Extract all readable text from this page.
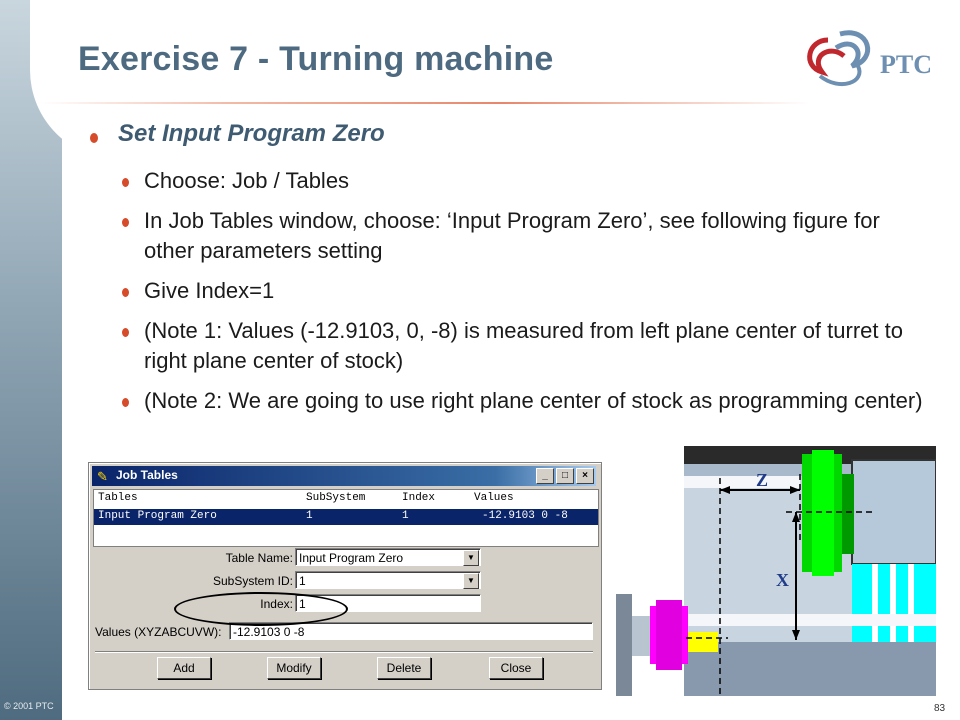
Exercise 7 - Turning machine	PTC
Set Input Program Zero
Choose: Job / Tables
In Job Tables window, choose: ‘Input Program Zero’, see following figure for other parameters setting
Give Index=1
(Note 1: Values (-12.9103, 0, -8) is measured from left plane center of turret to right plane center of stock)
(Note 2: We are going to use right plane center of stock as programming center)
✎ Job Tables	_	□	×
Tables	SubSystem	Index	Values
Input Program Zero	1	1	-12.9103 0 -8
Table Name: Input Program Zero	▼
SubSystem ID: 1	▼
Index: 1
Values (XYZABCUVW): -12.9103 0 -8
Add	Modify	Delete	Close
Z
X
© 2001 PTC	83
